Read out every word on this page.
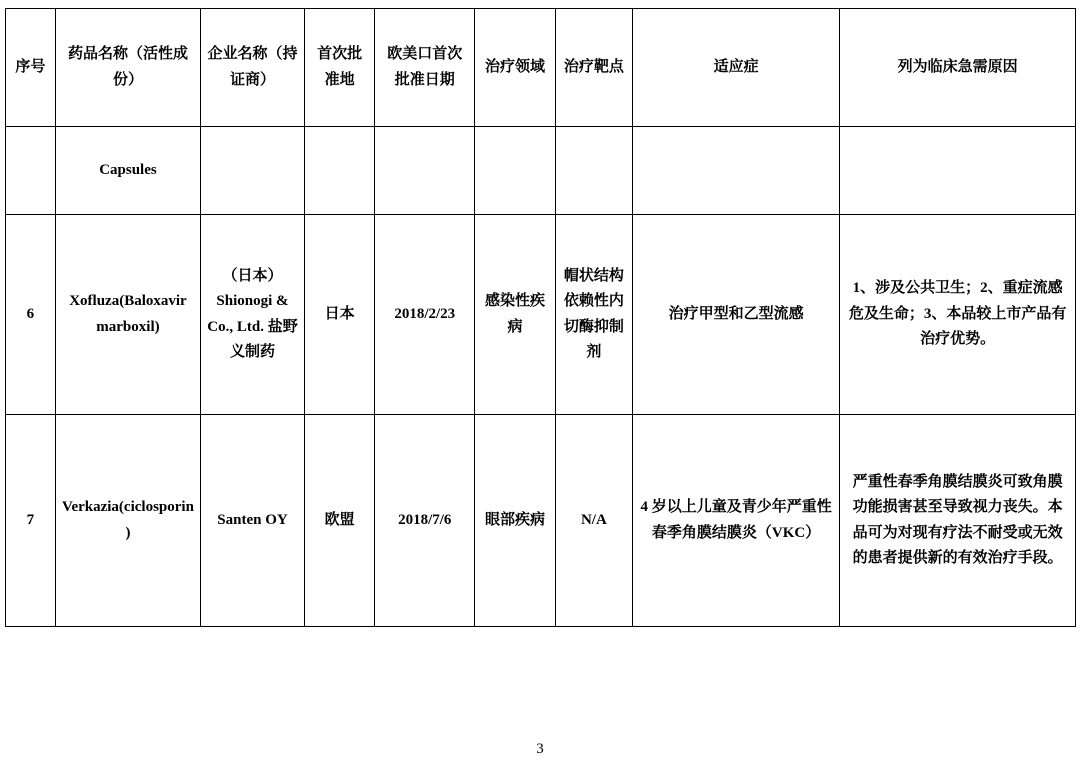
序号	药品名称（活性成份）	企业名称（持证商）	首次批准地	欧美口首次批准日期	治疗领域	治疗靶点	适应症	列为临床急需原因
	Capsules							
6	Xofluza(Baloxavir marboxil)	（日本）Shionogi & Co., Ltd. 盐野义制药	日本	2018/2/23	感染性疾病	帽状结构依赖性内切酶抑制剂	治疗甲型和乙型流感	1、涉及公共卫生；2、重症流感危及生命；3、本品较上市产品有治疗优势。
7	Verkazia(ciclosporin)	Santen OY	欧盟	2018/7/6	眼部疾病	N/A	4 岁以上儿童及青少年严重性春季角膜结膜炎（VKC）	严重性春季角膜结膜炎可致角膜功能损害甚至导致视力丧失。本品可为对现有疗法不耐受或无效的患者提供新的有效治疗手段。
3
